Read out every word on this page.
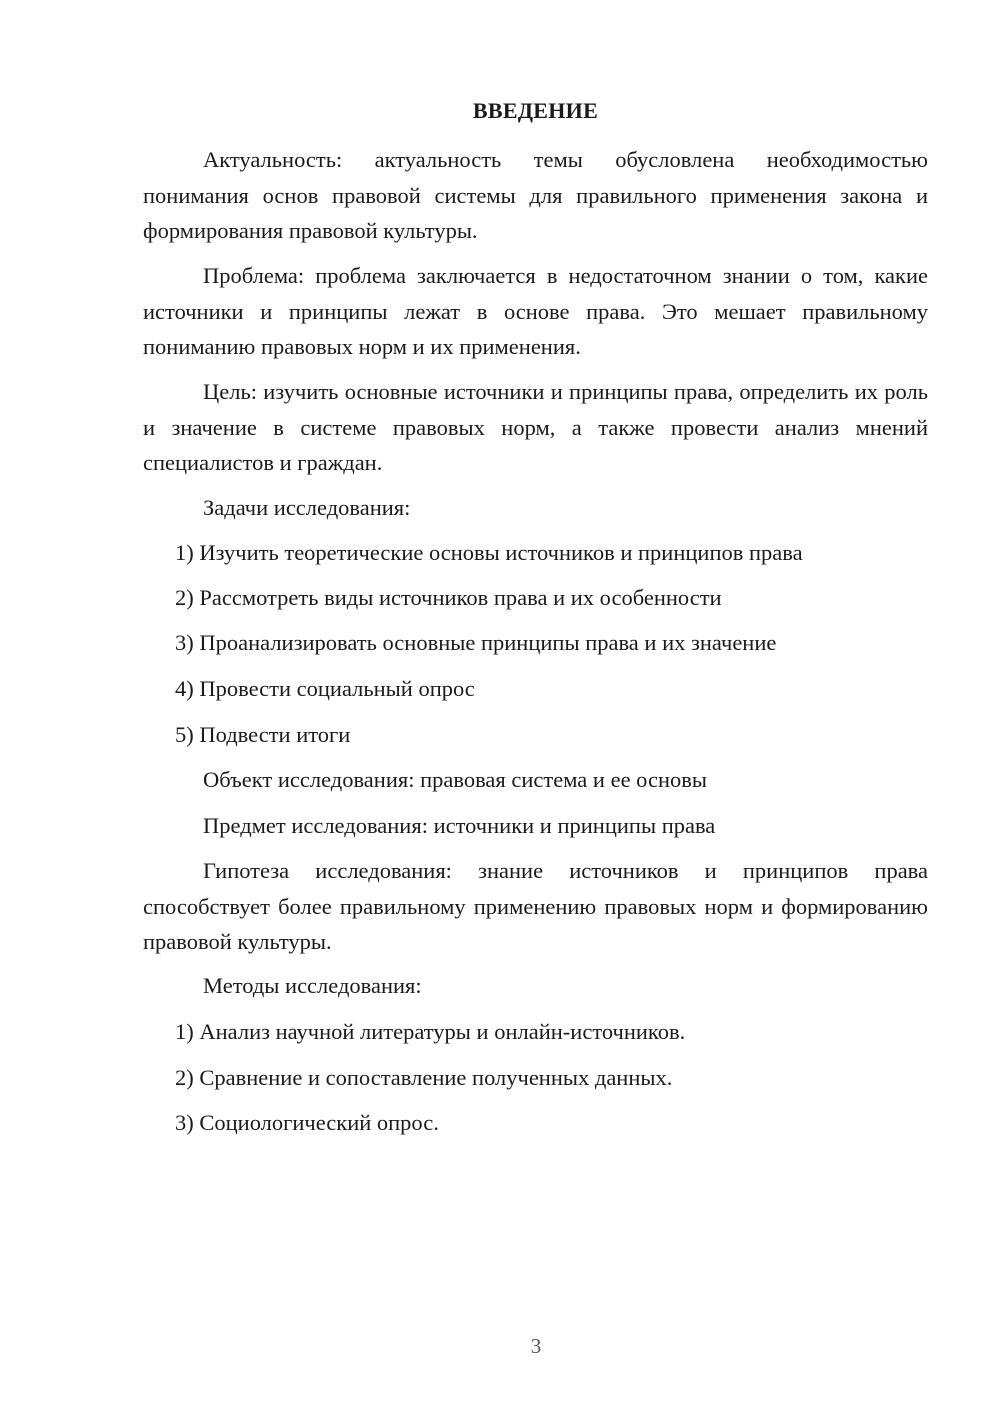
ВВЕДЕНИЕ

Актуальность: актуальность темы обусловлена необходимостью понимания основ правовой системы для правильного применения закона и формирования правовой культуры.

Проблема: проблема заключается в недостаточном знании о том, какие источники и принципы лежат в основе права. Это мешает правильному пониманию правовых норм и их применения.

Цель: изучить основные источники и принципы права, определить их роль и значение в системе правовых норм, а также провести анализ мнений специалистов и граждан.

Задачи исследования:

1) Изучить теоретические основы источников и принципов права

2) Рассмотреть виды источников права и их особенности

3) Проанализировать основные принципы права и их значение

4) Провести социальный опрос

5) Подвести итоги

Объект исследования: правовая система и ее основы

Предмет исследования: источники и принципы права

Гипотеза исследования: знание источников и принципов права способствует более правильному применению правовых норм и формированию правовой культуры.

Методы исследования:

1) Анализ научной литературы и онлайн-источников.

2) Сравнение и сопоставление полученных данных.

3) Социологический опрос.

3
